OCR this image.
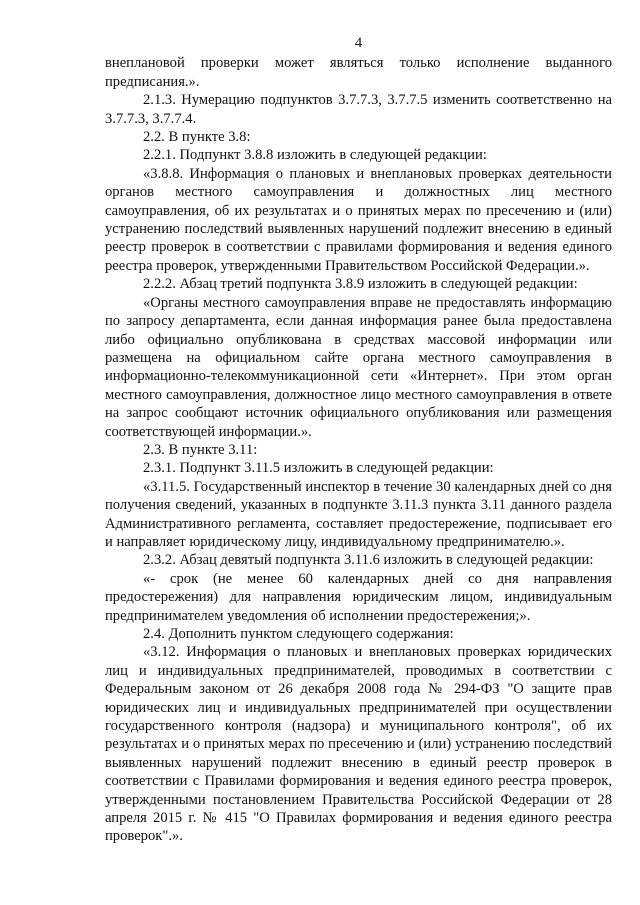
4

внеплановой проверки может являться только исполнение выданного предписания.».

2.1.3. Нумерацию подпунктов 3.7.7.3, 3.7.7.5 изменить соответственно на 3.7.7.3, 3.7.7.4.

2.2. В пункте 3.8:

2.2.1. Подпункт 3.8.8 изложить в следующей редакции:

«3.8.8. Информация о плановых и внеплановых проверках деятельности органов местного самоуправления и должностных лиц местного самоуправления, об их результатах и о принятых мерах по пресечению и (или) устранению последствий выявленных нарушений подлежит внесению в единый реестр проверок в соответствии с правилами формирования и ведения единого реестра проверок, утвержденными Правительством Российской Федерации.».

2.2.2. Абзац третий подпункта 3.8.9 изложить в следующей редакции:

«Органы местного самоуправления вправе не предоставлять информацию по запросу департамента, если данная информация ранее была предоставлена либо официально опубликована в средствах массовой информации или размещена на официальном сайте органа местного самоуправления в информационно-телекоммуникационной сети «Интернет». При этом орган местного самоуправления, должностное лицо местного самоуправления в ответе на запрос сообщают источник официального опубликования или размещения соответствующей информации.».

2.3. В пункте 3.11:

2.3.1. Подпункт 3.11.5 изложить в следующей редакции:

«3.11.5. Государственный инспектор в течение 30 календарных дней со дня получения сведений, указанных в подпункте 3.11.3 пункта 3.11 данного раздела Административного регламента, составляет предостережение, подписывает его и направляет юридическому лицу, индивидуальному предпринимателю.».

2.3.2. Абзац девятый подпункта 3.11.6 изложить в следующей редакции:

«- срок (не менее 60 календарных дней со дня направления предостережения) для направления юридическим лицом, индивидуальным предпринимателем уведомления об исполнении предостережения;».

2.4. Дополнить пунктом следующего содержания:

«3.12. Информация о плановых и внеплановых проверках юридических лиц и индивидуальных предпринимателей, проводимых в соответствии с Федеральным законом от 26 декабря 2008 года № 294-ФЗ "О защите прав юридических лиц и индивидуальных предпринимателей при осуществлении государственного контроля (надзора) и муниципального контроля", об их результатах и о принятых мерах по пресечению и (или) устранению последствий выявленных нарушений подлежит внесению в единый реестр проверок в соответствии с Правилами формирования и ведения единого реестра проверок, утвержденными постановлением Правительства Российской Федерации от 28 апреля 2015 г. № 415 "О Правилах формирования и ведения единого реестра проверок".».
